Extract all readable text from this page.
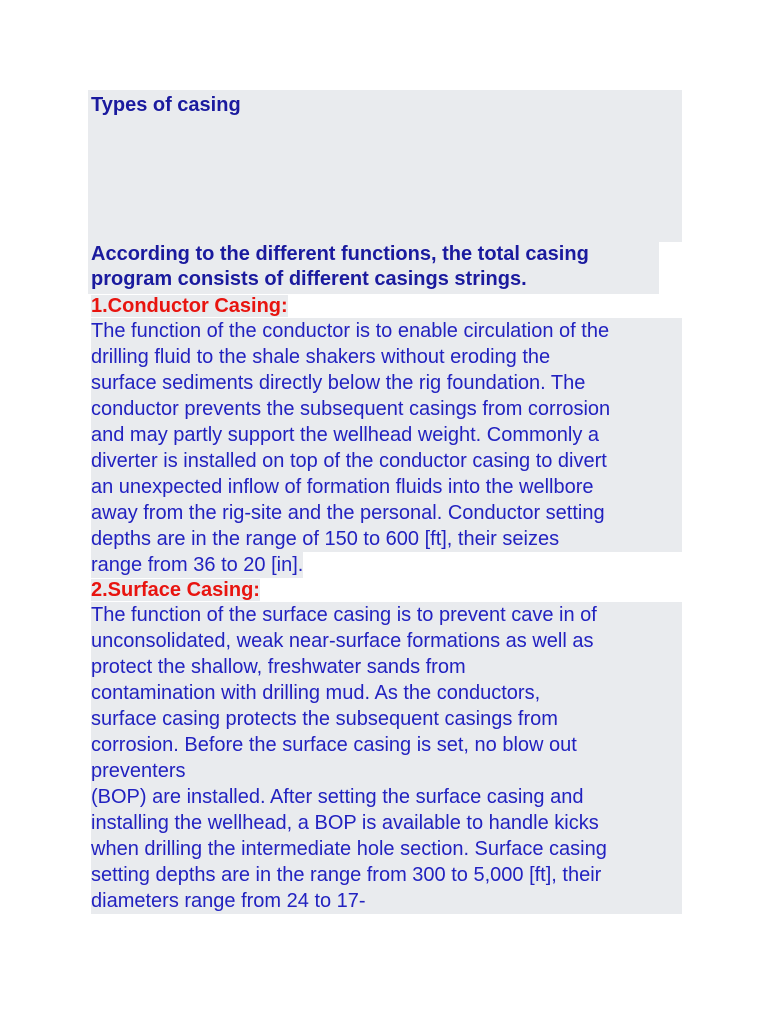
Types of casing

According to the different functions, the total casing program consists of different casings strings.

1.Conductor Casing:

The function of the conductor is to enable circulation of the
drilling fluid to the shale shakers without eroding the
surface sediments directly below the rig foundation. The
conductor prevents the subsequent casings from corrosion
and may partly support the wellhead weight. Commonly a
diverter is installed on top of the conductor casing to divert
an unexpected inflow of formation fluids into the wellbore
away from the rig-site and the personal. Conductor setting
depths are in the range of 150 to 600 [ft], their seizes
range from 36 to 20 [in].

2.Surface Casing:

The function of the surface casing is to prevent cave in of
unconsolidated, weak near-surface formations as well as
protect the shallow, freshwater sands from
contamination with drilling mud. As the conductors,
surface casing protects the subsequent casings from
corrosion. Before the surface casing is set, no blow out
preventers
(BOP) are installed. After setting the surface casing and
installing the wellhead, a BOP is available to handle kicks
when drilling the intermediate hole section. Surface casing
setting depths are in the range from 300 to 5,000 [ft], their
diameters range from 24 to 17-
